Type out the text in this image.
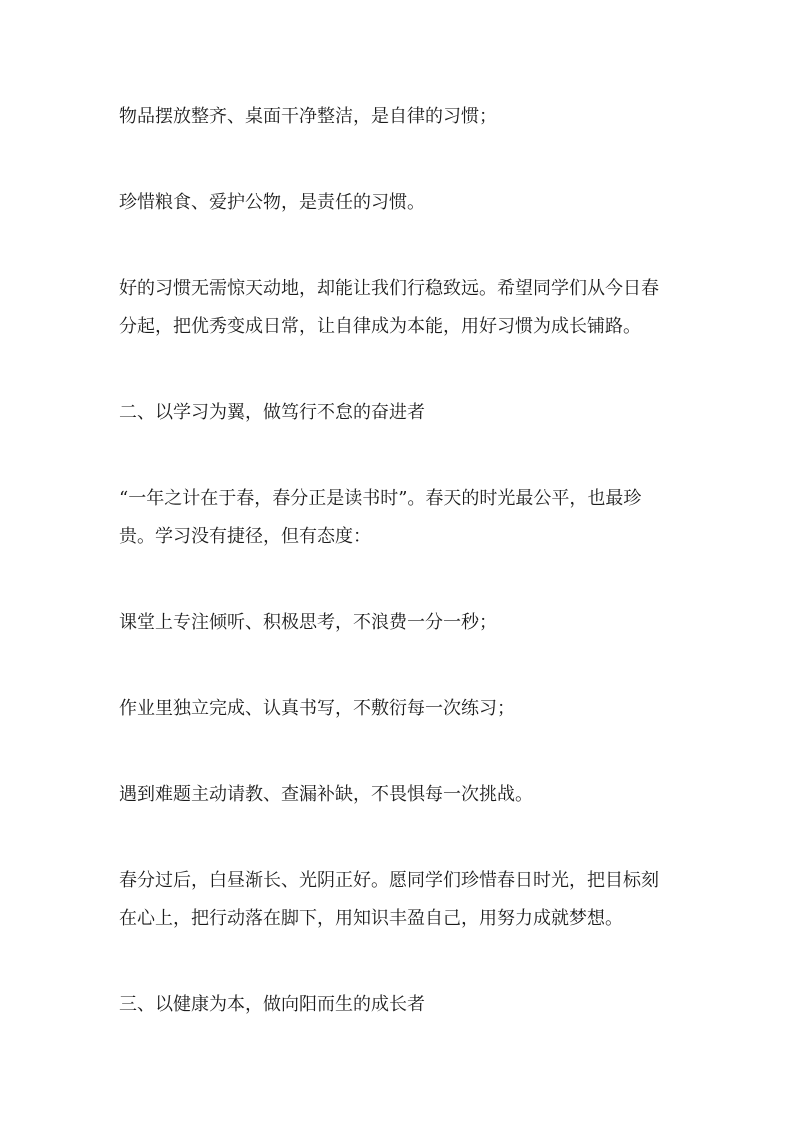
物品摆放整齐、桌面干净整洁，是自律的习惯；

珍惜粮食、爱护公物，是责任的习惯。

好的习惯无需惊天动地，却能让我们行稳致远。希望同学们从今日春
分起，把优秀变成日常，让自律成为本能，用好习惯为成长铺路。

二、以学习为翼，做笃行不怠的奋进者

“一年之计在于春，春分正是读书时”。春天的时光最公平，也最珍
贵。学习没有捷径，但有态度：

课堂上专注倾听、积极思考，不浪费一分一秒；

作业里独立完成、认真书写，不敷衍每一次练习；

遇到难题主动请教、查漏补缺，不畏惧每一次挑战。

春分过后，白昼渐长、光阴正好。愿同学们珍惜春日时光，把目标刻
在心上，把行动落在脚下，用知识丰盈自己，用努力成就梦想。

三、以健康为本，做向阳而生的成长者
